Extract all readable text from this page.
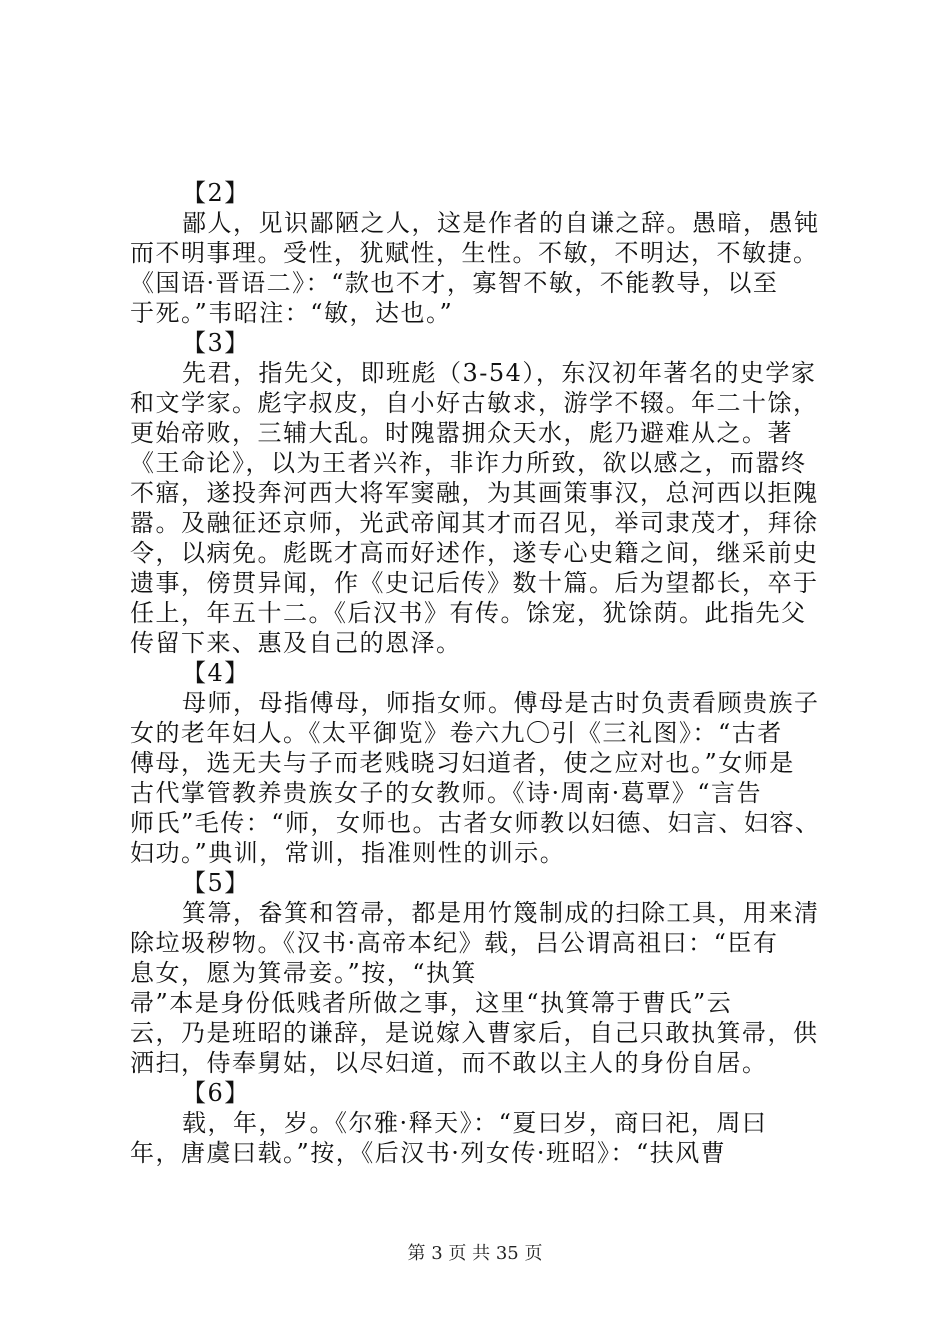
【2】
鄙人，见识鄙陋之人，这是作者的自谦之辞。愚暗，愚钝
而不明事理。受性，犹赋性，生性。不敏，不明达，不敏捷。
《国语·晋语二》：“款也不才，寡智不敏，不能教导，以至
于死。”韦昭注：“敏，达也。”
【3】
先君，指先父，即班彪（3-54），东汉初年著名的史学家
和文学家。彪字叔皮，自小好古敏求，游学不辍。年二十馀，
更始帝败，三辅大乱。时隗嚣拥众天水，彪乃避难从之。著
《王命论》，以为王者兴祚，非诈力所致，欲以感之，而嚣终
不寤，遂投奔河西大将军窦融，为其画策事汉，总河西以拒隗
嚣。及融征还京师，光武帝闻其才而召见，举司隶茂才，拜徐
令，以病免。彪既才高而好述作，遂专心史籍之间，继采前史
遗事，傍贯异闻，作《史记后传》数十篇。后为望都长，卒于
任上，年五十二。《后汉书》有传。馀宠，犹馀荫。此指先父
传留下来、惠及自己的恩泽。
【4】
母师，母指傅母，师指女师。傅母是古时负责看顾贵族子
女的老年妇人。《太平御览》卷六九〇引《三礼图》：“古者
傅母，选无夫与子而老贱晓习妇道者，使之应对也。”女师是
古代掌管教养贵族女子的女教师。《诗·周南·葛覃》“言告
师氏”毛传：“师，女师也。古者女师教以妇德、妇言、妇容、
妇功。”典训，常训，指准则性的训示。
【5】
箕箒，畚箕和笤帚，都是用竹篾制成的扫除工具，用来清
除垃圾秽物。《汉书·高帝本纪》载，吕公谓高祖曰：“臣有
息女，愿为箕帚妾。”按，“执箕
帚”本是身份低贱者所做之事，这里“执箕箒于曹氏”云
云，乃是班昭的谦辞，是说嫁入曹家后，自己只敢执箕帚，供
洒扫，侍奉舅姑，以尽妇道，而不敢以主人的身份自居。
【6】
载，年，岁。《尔雅·释天》：“夏曰岁，商曰祀，周曰
年，唐虞曰载。”按，《后汉书·列女传·班昭》：“扶风曹
第 3 页 共 35 页
